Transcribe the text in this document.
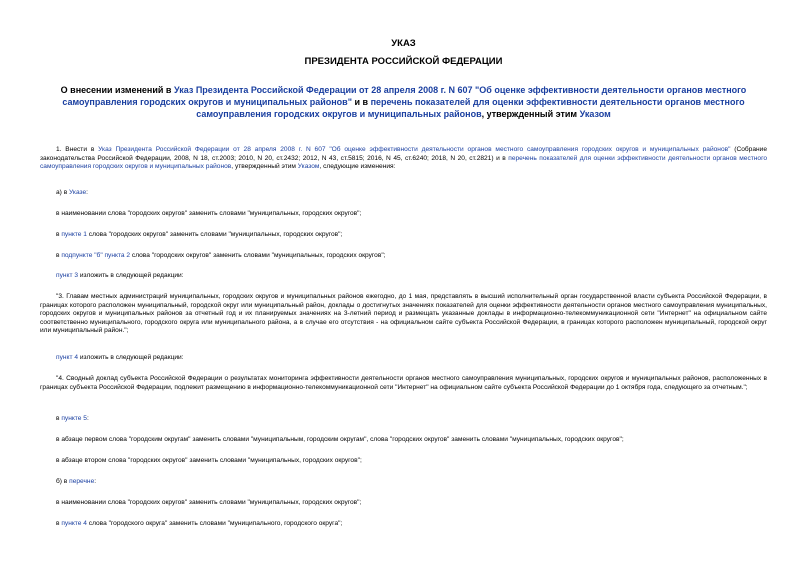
УКАЗ
ПРЕЗИДЕНТА РОССИЙСКОЙ ФЕДЕРАЦИИ
О внесении изменений в Указ Президента Российской Федерации от 28 апреля 2008 г. N 607 "Об оценке эффективности деятельности органов местного самоуправления городских округов и муниципальных районов" и в перечень показателей для оценки эффективности деятельности органов местного самоуправления городских округов и муниципальных районов, утвержденный этим Указом
1. Внести в Указ Президента Российской Федерации от 28 апреля 2008 г. N 607 "Об оценке эффективности деятельности органов местного самоуправления городских округов и муниципальных районов" (Собрание законодательства Российской Федерации, 2008, N 18, ст.2003; 2010, N 20, ст.2432; 2012, N 43, ст.5815; 2016, N 45, ст.6240; 2018, N 20, ст.2821) и в перечень показателей для оценки эффективности деятельности органов местного самоуправления городских округов и муниципальных районов, утвержденный этим Указом, следующие изменения:
а) в Указе:
в наименовании слова "городских округов" заменить словами "муниципальных, городских округов";
в пункте 1 слова "городских округов" заменить словами "муниципальных, городских округов";
в подпункте "б" пункта 2 слова "городских округов" заменить словами "муниципальных, городских округов";
пункт 3 изложить в следующей редакции:
"3. Главам местных администраций муниципальных, городских округов и муниципальных районов ежегодно, до 1 мая, представлять в высший исполнительный орган государственной власти субъекта Российской Федерации, в границах которого расположен муниципальный, городской округ или муниципальный район, доклады о достигнутых значениях показателей для оценки эффективности деятельности органов местного самоуправления муниципальных, городских округов и муниципальных районов за отчетный год и их планируемых значениях на 3-летний период и размещать указанные доклады в информационно-телекоммуникационной сети "Интернет" на официальном сайте соответственно муниципального, городского округа или муниципального района, а в случае его отсутствия - на официальном сайте субъекта Российской Федерации, в границах которого расположен муниципальный, городской округ или муниципальный район.";
пункт 4 изложить в следующей редакции:
"4. Сводный доклад субъекта Российской Федерации о результатах мониторинга эффективности деятельности органов местного самоуправления муниципальных, городских округов и муниципальных районов, расположенных в границах субъекта Российской Федерации, подлежит размещению в информационно-телекоммуникационной сети "Интернет" на официальном сайте субъекта Российской Федерации до 1 октября года, следующего за отчетным.";
в пункте 5:
в абзаце первом слова "городским округам" заменить словами "муниципальным, городским округам", слова "городских округов" заменить словами "муниципальных, городских округов";
в абзаце втором слова "городских округов" заменить словами "муниципальных, городских округов";
б) в перечне:
в наименовании слова "городских округов" заменить словами "муниципальных, городских округов";
в пункте 4 слова "городского округа" заменить словами "муниципального, городского округа";
